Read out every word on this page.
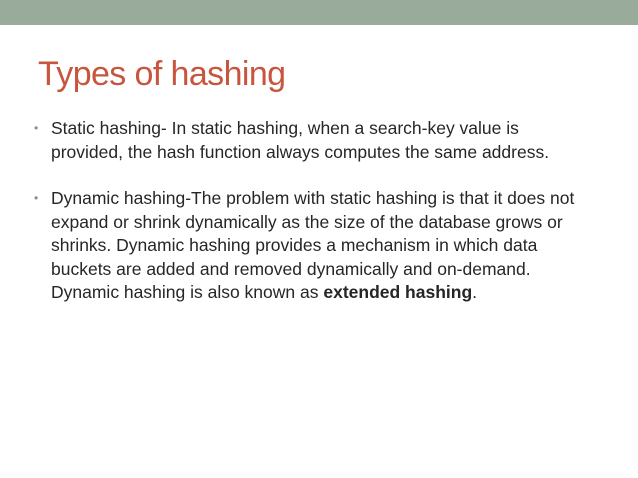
Types of hashing
• Static hashing- In static hashing, when a search-key value is provided, the hash function always computes the same address.
• Dynamic hashing-The problem with static hashing is that it does not expand or shrink dynamically as the size of the database grows or shrinks. Dynamic hashing provides a mechanism in which data buckets are added and removed dynamically and on-demand. Dynamic hashing is also known as extended hashing.
